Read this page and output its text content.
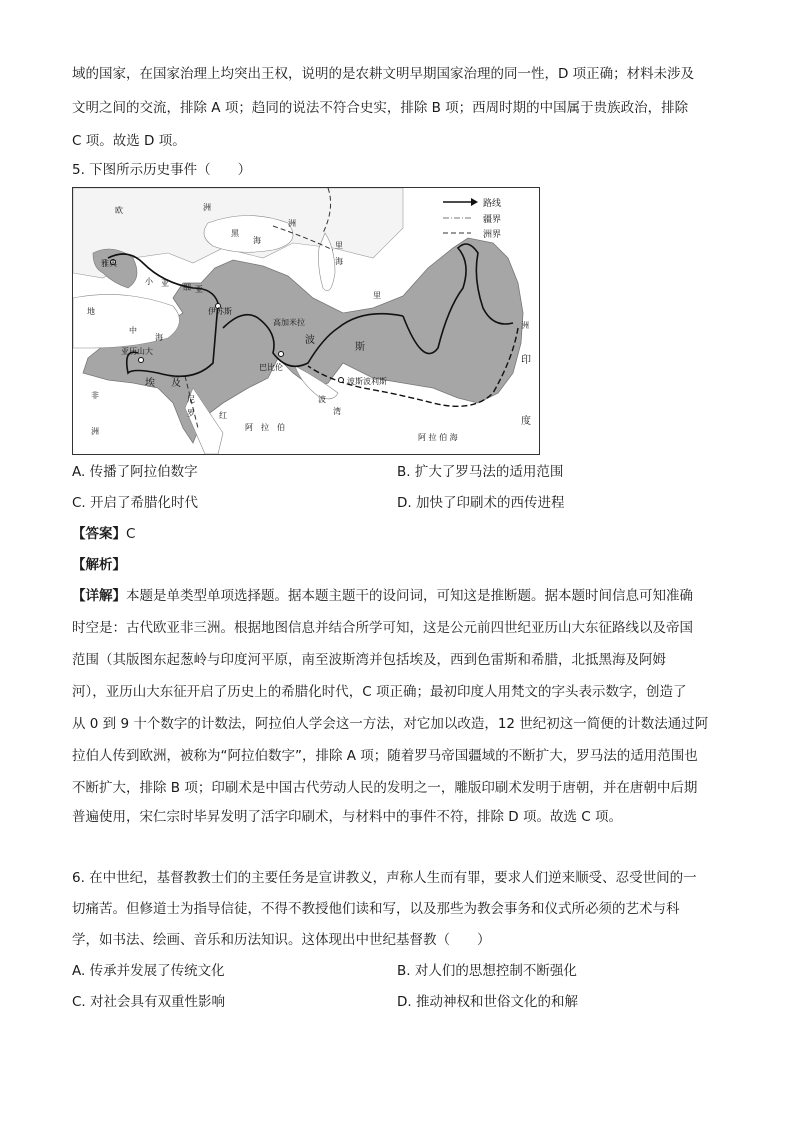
域的国家，在国家治理上均突出王权，说明的是农耕文明早期国家治理的同一性，D 项正确；材料未涉及
文明之间的交流，排除 A 项；趋同的说法不符合史实，排除 B 项；西周时期的中国属于贵族政治，排除
C 项。故选 D 项。
5. 下图所示历史事件（　　）
路线
疆界
洲界
欧	洲
洲
黑
海
雅典
小 亚 细 亚
伊苏斯
高加米拉
地
中
海
亚历山大
埃 及
巴比伦
波斯波利斯
波
斯
里
非
洲
尼
罗	红
阿　拉　伯
波
湾
阿 拉 伯 海
印
度
洲
里
海
A. 传播了阿拉伯数字	B. 扩大了罗马法的适用范围
C. 开启了希腊化时代	D. 加快了印刷术的西传进程
【答案】C
【解析】
【详解】本题是单类型单项选择题。据本题主题干的设问词，可知这是推断题。据本题时间信息可知准确
时空是：古代欧亚非三洲。根据地图信息并结合所学可知，这是公元前四世纪亚历山大东征路线以及帝国
范围（其版图东起葱岭与印度河平原，南至波斯湾并包括埃及，西到色雷斯和希腊，北抵黑海及阿姆
河），亚历山大东征开启了历史上的希腊化时代，C 项正确；最初印度人用梵文的字头表示数字，创造了
从 0 到 9 十个数字的计数法，阿拉伯人学会这一方法，对它加以改造，12 世纪初这一简便的计数法通过阿
拉伯人传到欧洲，被称为“阿拉伯数字”，排除 A 项；随着罗马帝国疆域的不断扩大，罗马法的适用范围也
不断扩大，排除 B 项；印刷术是中国古代劳动人民的发明之一，雕版印刷术发明于唐朝，并在唐朝中后期
普遍使用，宋仁宗时毕昇发明了活字印刷术，与材料中的事件不符，排除 D 项。故选 C 项。
6. 在中世纪，基督教教士们的主要任务是宣讲教义，声称人生而有罪，要求人们逆来顺受、忍受世间的一
切痛苦。但修道士为指导信徒，不得不教授他们读和写，以及那些为教会事务和仪式所必须的艺术与科
学，如书法、绘画、音乐和历法知识。这体现出中世纪基督教（　　）
A. 传承并发展了传统文化	B. 对人们的思想控制不断强化
C. 对社会具有双重性影响	D. 推动神权和世俗文化的和解
